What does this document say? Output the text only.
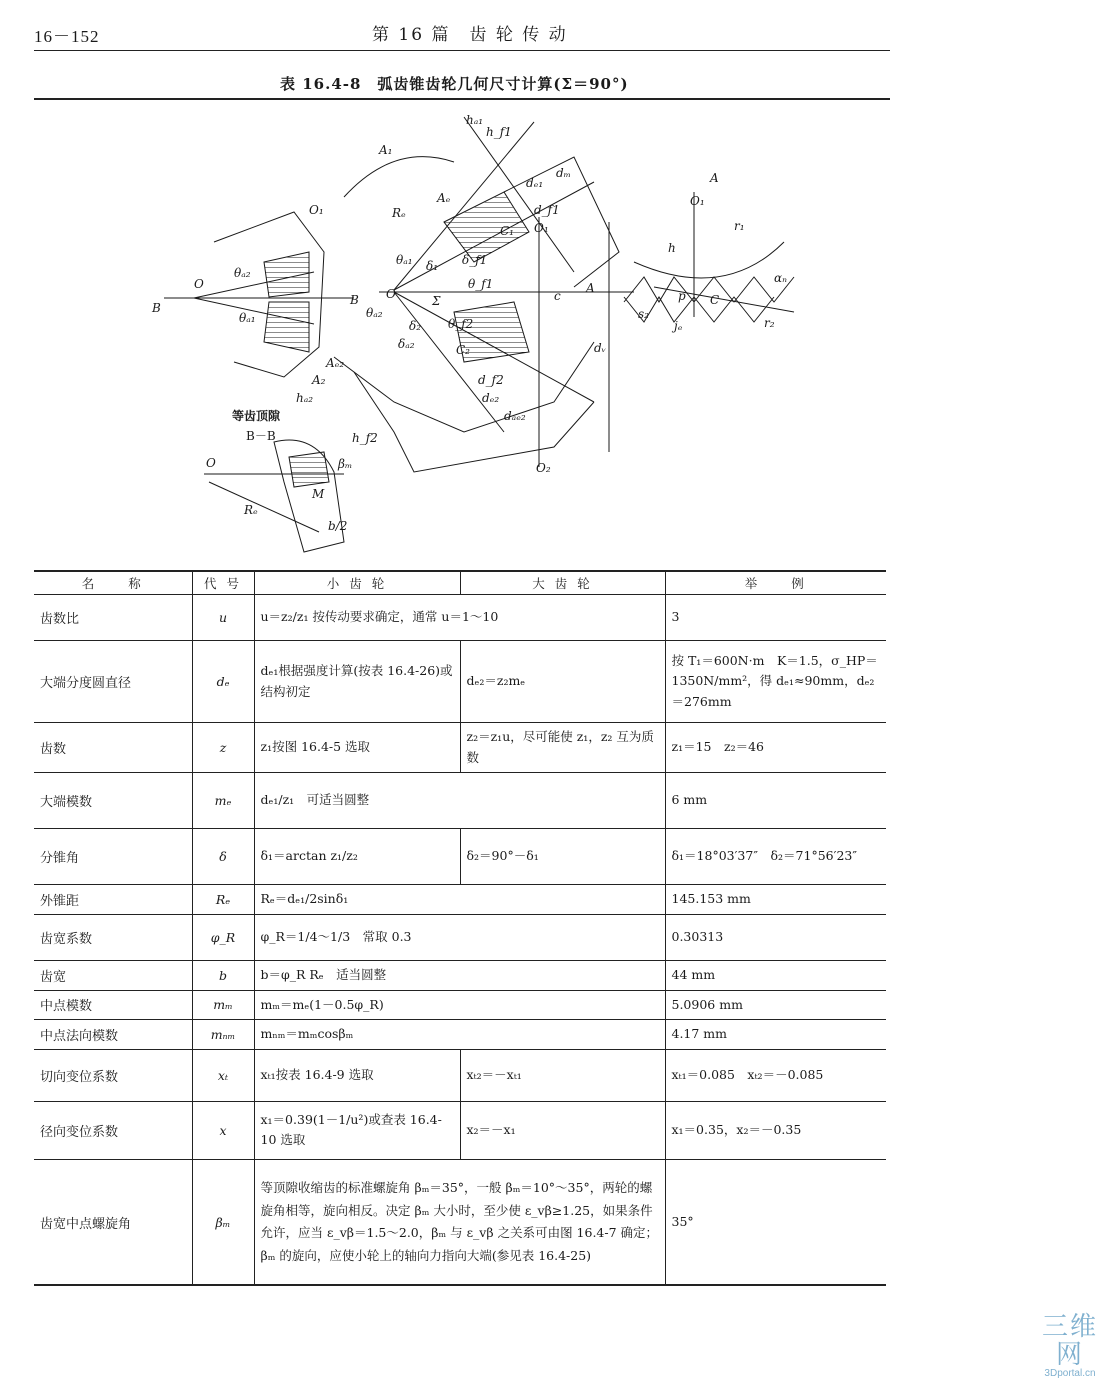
16－152	第 16 篇　齿 轮 传 动
表 16.4-8　弧齿锥齿轮几何尺寸计算(Σ＝90°)
A₁
Aₑ
Rₑ
hₐ₁
h_f1
dₘ
dₑ₁
d_f1
C₁ O₁
O
θₐ₁ δ₁ δ_f1
θ_f1
Σ
A
c
θₐ₂
δ₂ θ_f2
δₐ₂	C₂
Aₑ₂
A₂
hₐ₂
h_f2
d_f2
dₑ₂
dₐₑ₂
dᵥ
O₂
B
B
O₁
O
θₐ₂
θₐ₁
等齿顶隙
B－B
βₘ
M
b/2
Rₑ
O
A
O₁
r₁
h
αₙ
p C
s₂
jₑ	r₂
名　　称	代 号	小 齿 轮	大 齿 轮	举　　例
齿数比	u	u＝z₂/z₁ 按传动要求确定，通常 u＝1～10		3
大端分度圆直径	dₑ	dₑ₁根据强度计算(按表 16.4-26)或结构初定	dₑ₂＝z₂mₑ	按 T₁＝600N·m　K＝1.5，σ_HP＝1350N/mm²，得 dₑ₁≈90mm，dₑ₂＝276mm
齿数	z	z₁按图 16.4-5 选取	z₂＝z₁u，尽可能使 z₁，z₂ 互为质数	z₁＝15　z₂＝46
大端模数	mₑ	dₑ₁/z₁　可适当圆整		6 mm
分锥角	δ	δ₁＝arctan z₁/z₂	δ₂＝90°－δ₁	δ₁＝18°03′37″　δ₂＝71°56′23″
外锥距	Rₑ	Rₑ＝dₑ₁/2sinδ₁		145.153 mm
齿宽系数	φ_R	φ_R＝1/4～1/3　常取 0.3		0.30313
齿宽	b	b＝φ_R Rₑ　适当圆整		44 mm
中点模数	mₘ	mₘ＝mₑ(1－0.5φ_R)		5.0906 mm
中点法向模数	mₙₘ	mₙₘ＝mₘcosβₘ		4.17 mm
切向变位系数	xₜ	xₜ₁按表 16.4-9 选取	xₜ₂＝－xₜ₁	xₜ₁＝0.085　xₜ₂＝－0.085
径向变位系数	x	x₁＝0.39(1－1/u²)或查表 16.4-10 选取	x₂＝－x₁	x₁＝0.35，x₂＝－0.35
齿宽中点螺旋角	βₘ	等顶隙收缩齿的标准螺旋角 βₘ＝35°，一般 βₘ＝10°～35°，两轮的螺旋角相等，旋向相反。决定 βₘ 大小时，至少使 ε_vβ≥1.25，如果条件允许，应当 ε_vβ＝1.5～2.0，βₘ 与 ε_vβ 之关系可由图 16.4-7 确定；βₘ 的旋向，应使小轮上的轴向力指向大端(参见表 16.4-25)		35°
三维网
3Dportal.cn
